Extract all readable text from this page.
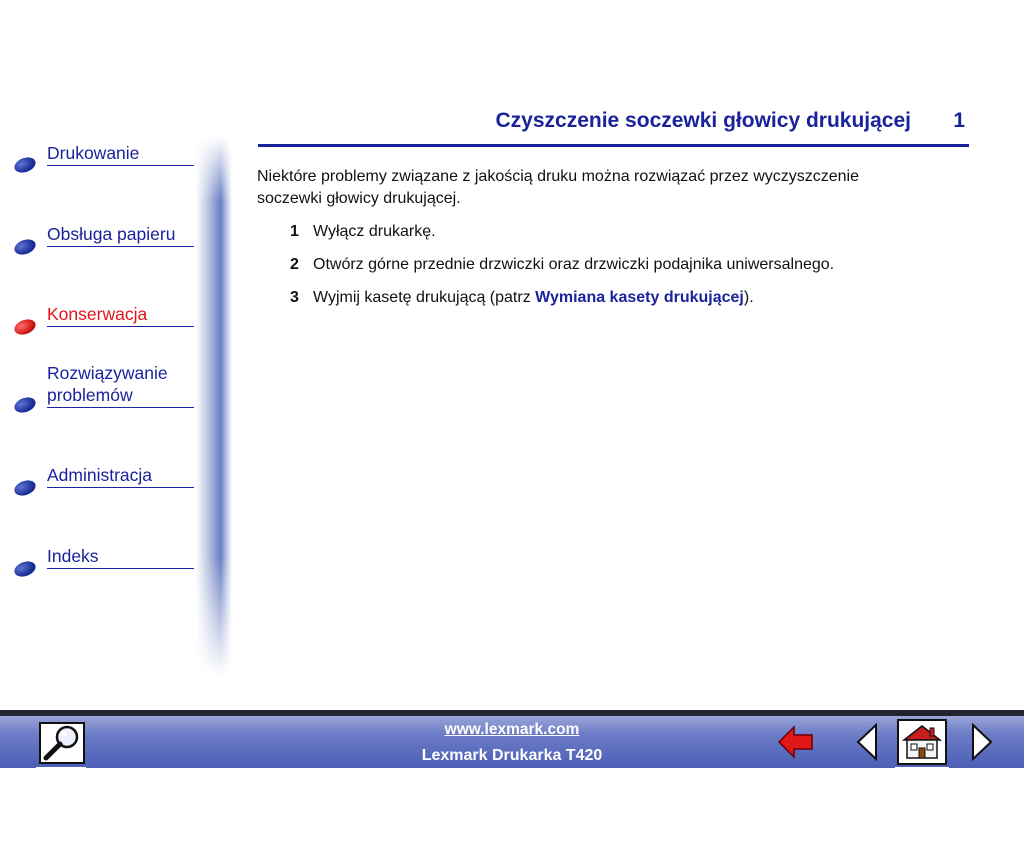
Drukowanie
Obsługa papieru
Konserwacja
Rozwiązywanie
problemów
Administracja
Indeks
Czyszczenie soczewki głowicy drukującej 1
Niektóre problemy związane z jakością druku można rozwiązać przez wyczyszczenie
soczewki głowicy drukującej.
1 Wyłącz drukarkę.
2 Otwórz górne przednie drzwiczki oraz drzwiczki podajnika uniwersalnego.
3 Wyjmij kasetę drukującą (patrz Wymiana kasety drukującej).
www.lexmark.com
Lexmark Drukarka T420
